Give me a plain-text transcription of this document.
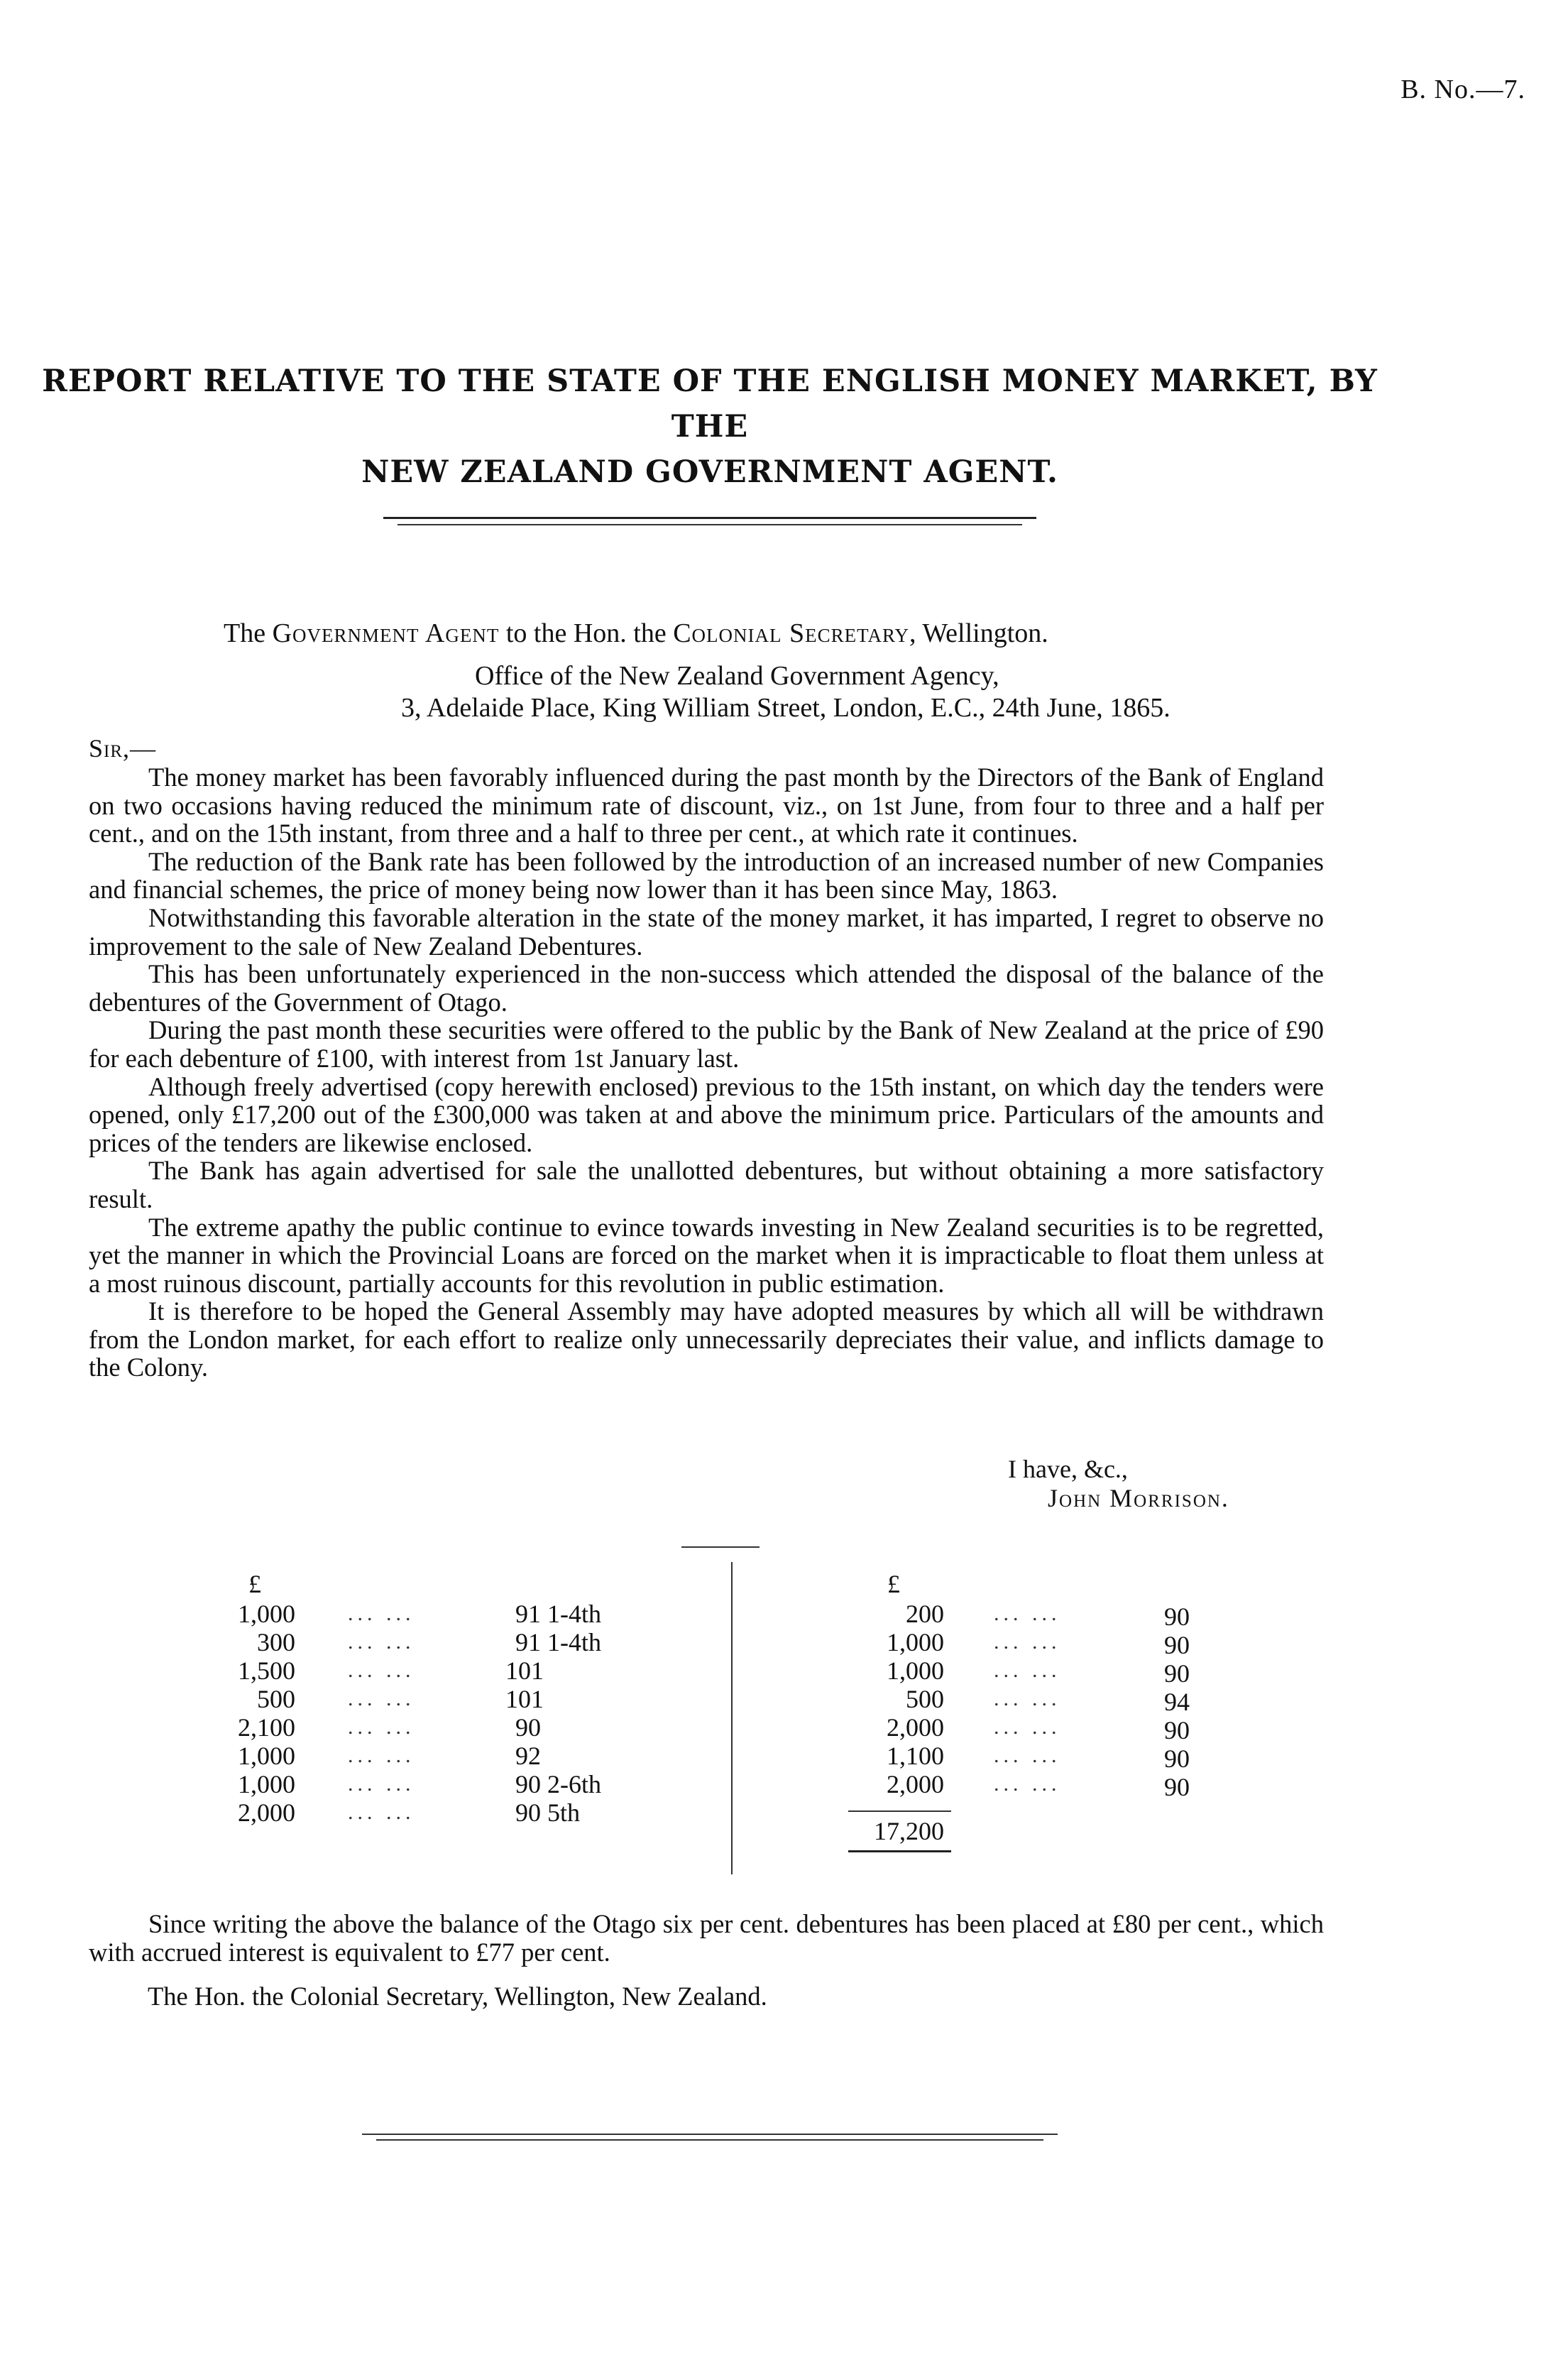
B. No.—7.
REPORT RELATIVE TO THE STATE OF THE ENGLISH MONEY MARKET, BY THE
NEW ZEALAND GOVERNMENT AGENT.
The Government Agent to the Hon. the Colonial Secretary, Wellington.
Office of the New Zealand Government Agency,
3, Adelaide Place, King William Street, London, E.C., 24th June, 1865.
Sir,—

The money market has been favorably influenced during the past month by the Directors of the Bank of England on two occasions having reduced the minimum rate of discount, viz., on 1st June, from four to three and a half per cent., and on the 15th instant, from three and a half to three per cent., at which rate it continues.

The reduction of the Bank rate has been followed by the introduction of an increased number of new Companies and financial schemes, the price of money being now lower than it has been since May, 1863.

Notwithstanding this favorable alteration in the state of the money market, it has imparted, I regret to observe no improvement to the sale of New Zealand Debentures.

This has been unfortunately experienced in the non-success which attended the disposal of the balance of the debentures of the Government of Otago.

During the past month these securities were offered to the public by the Bank of New Zealand at the price of £90 for each debenture of £100, with interest from 1st January last.

Although freely advertised (copy herewith enclosed) previous to the 15th instant, on which day the tenders were opened, only £17,200 out of the £300,000 was taken at and above the minimum price. Particulars of the amounts and prices of the tenders are likewise enclosed.

The Bank has again advertised for sale the unallotted debentures, but without obtaining a more satisfactory result.

The extreme apathy the public continue to evince towards investing in New Zealand securities is to be regretted, yet the manner in which the Provincial Loans are forced on the market when it is impracticable to float them unless at a most ruinous discount, partially accounts for this revolution in public estimation.

It is therefore to be hoped the General Assembly may have adopted measures by which all will be withdrawn from the London market, for each effort to realize only unnecessarily depreciates their value, and inflicts damage to the Colony.

I have, &c.,
John Morrison.
£	£
1,000 ... ...	91 1-4th
300 ... ...	91 1-4th
1,500 ... ...	101
500 ... ...	101
2,100 ... ...	90
1,000 ... ...	92
1,000 ... ...	90 2-6th
2,000 ... ...	90 5th
200 ... ...	90
1,000 ... ...	90
1,000 ... ...	90
500 ... ...	94
2,000 ... ...	90
1,100 ... ...	90
2,000 ... ...	90
17,200

Since writing the above the balance of the Otago six per cent. debentures has been placed at £80 per cent., which with accrued interest is equivalent to £77 per cent.

The Hon. the Colonial Secretary, Wellington, New Zealand.
